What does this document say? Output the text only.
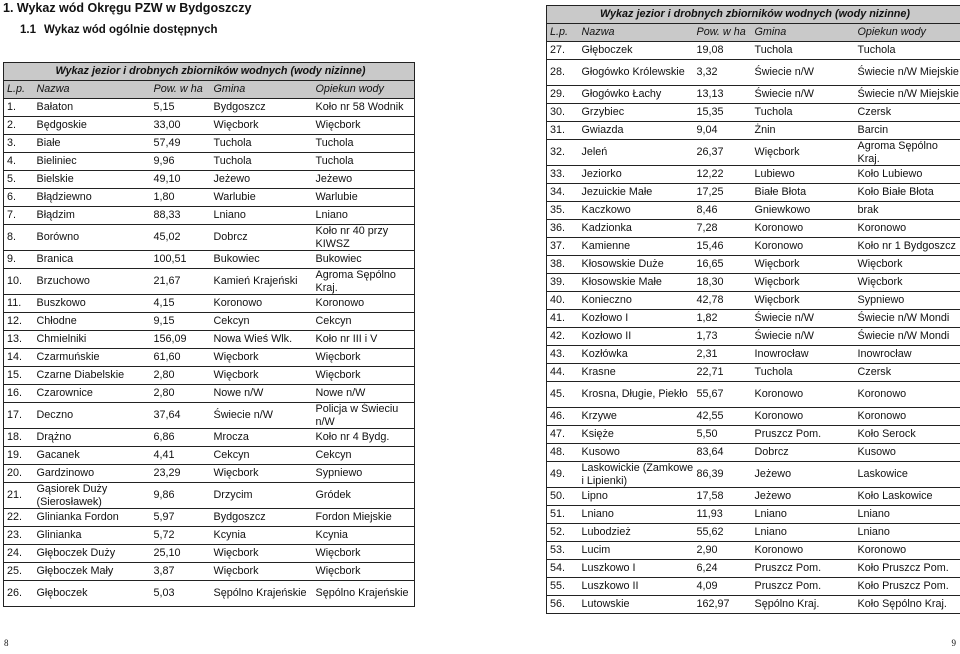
1. Wykaz wód Okręgu PZW w Bydgoszczy
1.1 Wykaz wód ogólnie dostępnych
Wykaz jezior i drobnych zbiorników wodnych (wody nizinne)				
L.p.	Nazwa	Pow. w ha	Gmina	Opiekun wody
1.	Bałaton	5,15	Bydgoszcz	Koło nr 58 Wodnik
2.	Będgoskie	33,00	Więcbork	Więcbork
3.	Białe	57,49	Tuchola	Tuchola
4.	Bieliniec	9,96	Tuchola	Tuchola
5.	Bielskie	49,10	Jeżewo	Jeżewo
6.	Błądziewno	1,80	Warlubie	Warlubie
7.	Błądzim	88,33	Lniano	Lniano
8.	Borówno	45,02	Dobrcz	Koło nr 40 przy KIWSZ
9.	Branica	100,51	Bukowiec	Bukowiec
10.	Brzuchowo	21,67	Kamień Krajeński	Agroma Sępólno Kraj.
11.	Buszkowo	4,15	Koronowo	Koronowo
12.	Chłodne	9,15	Cekcyn	Cekcyn
13.	Chmielniki	156,09	Nowa Wieś Wlk.	Koło nr III i V
14.	Czarmuńskie	61,60	Więcbork	Więcbork
15.	Czarne Diabelskie	2,80	Więcbork	Więcbork
16.	Czarownice	2,80	Nowe n/W	Nowe n/W
17.	Deczno	37,64	Świecie n/W	Policja w Świeciu n/W
18.	Drążno	6,86	Mrocza	Koło nr 4 Bydg.
19.	Gacanek	4,41	Cekcyn	Cekcyn
20.	Gardzinowo	23,29	Więcbork	Sypniewo
21.	Gąsiorek Duży (Sierosławek)	9,86	Drzycim	Gródek
22.	Glinianka Fordon	5,97	Bydgoszcz	Fordon Miejskie
23.	Glinianka	5,72	Kcynia	Kcynia
24.	Głęboczek Duży	25,10	Więcbork	Więcbork
25.	Głęboczek Mały	3,87	Więcbork	Więcbork
26.	Głęboczek	5,03	Sępólno Krajeńskie	Sępólno Krajeńskie
8
Wykaz jezior i drobnych zbiorników wodnych (wody nizinne)				
L.p.	Nazwa	Pow. w ha	Gmina	Opiekun wody
27.	Głęboczek	19,08	Tuchola	Tuchola
28.	Głogówko Królewskie	3,32	Świecie n/W	Świecie n/W Miejskie
29.	Głogówko Łachy	13,13	Świecie n/W	Świecie n/W Miejskie
30.	Grzybiec	15,35	Tuchola	Czersk
31.	Gwiazda	9,04	Żnin	Barcin
32.	Jeleń	26,37	Więcbork	Agroma Sępólno Kraj.
33.	Jeziorko	12,22	Lubiewo	Koło Lubiewo
34.	Jezuickie Małe	17,25	Białe Błota	Koło Białe Błota
35.	Kaczkowo	8,46	Gniewkowo	brak
36.	Kadzionka	7,28	Koronowo	Koronowo
37.	Kamienne	15,46	Koronowo	Koło nr 1 Bydgoszcz
38.	Kłosowskie Duże	16,65	Więcbork	Więcbork
39.	Kłosowskie Małe	18,30	Więcbork	Więcbork
40.	Konieczno	42,78	Więcbork	Sypniewo
41.	Kozłowo I	1,82	Świecie n/W	Świecie n/W Mondi
42.	Kozłowo II	1,73	Świecie n/W	Świecie n/W Mondi
43.	Kozłówka	2,31	Inowrocław	Inowrocław
44.	Krasne	22,71	Tuchola	Czersk
45.	Krosna, Długie, Piekło	55,67	Koronowo	Koronowo
46.	Krzywe	42,55	Koronowo	Koronowo
47.	Księże	5,50	Pruszcz Pom.	Koło Serock
48.	Kusowo	83,64	Dobrcz	Kusowo
49.	Laskowickie (Zamkowe i Lipienki)	86,39	Jeżewo	Laskowice
50.	Lipno	17,58	Jeżewo	Koło Laskowice
51.	Lniano	11,93	Lniano	Lniano
52.	Lubodzież	55,62	Lniano	Lniano
53.	Lucim	2,90	Koronowo	Koronowo
54.	Luszkowo I	6,24	Pruszcz Pom.	Koło Pruszcz Pom.
55.	Luszkowo II	4,09	Pruszcz Pom.	Koło Pruszcz Pom.
56.	Lutowskie	162,97	Sępólno Kraj.	Koło Sępólno Kraj.
9
